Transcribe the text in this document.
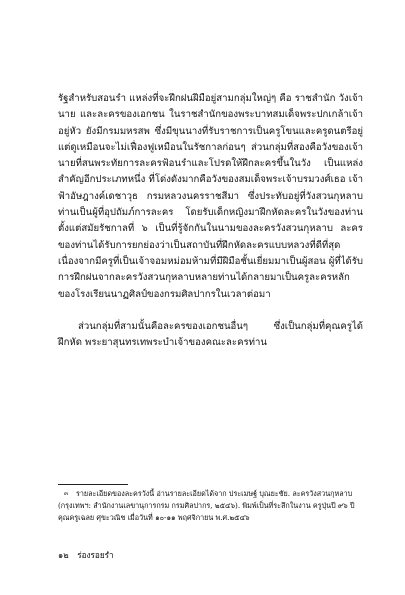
รัฐสำหรับสอนรำ แหล่งที่จะฝึกฝนฝีมือยู่สามกลุ่มใหญ่ๆ คือ ราชสำนัก วังเจ้านาย และละครของเอกชน ในราชสำนักของพระบาทสมเด็จพระปกเกล้าเจ้าอยู่หัว ยังมีกรมมหรสพ ซึ่งมีขุนนางที่รับราชการเป็นครูโขนและครูดนตรีอยู่ แต่ดูเหมือนจะไม่เฟื่องฟูเหมือนในรัชกาลก่อนๆ ส่วนกลุ่มที่สองคือวังของเจ้านายที่สนพระทัยการละครฟ้อนรำและโปรดให้ฝึกละครขึ้นในวัง เป็นแหล่งสำคัญอีกประเภทหนึ่ง ที่โด่งดังมากคือวังของสมเด็จพระเจ้าบรมวงศ์เธอ เจ้าฟ้าอัษฎางค์เดชาวุธ กรมหลวงนครราชสีมา ซึ่งประทับอยู่ที่วังสวนกุหลาบ ท่านเป็นผู้ที่อุปถัมภ์การละคร โดยรับเด็กหญิงมาฝึกหัดละครในวังของท่านตั้งแต่สมัยรัชกาลที่ ๖ เป็นที่รู้จักกันในนามของละครวังสวนกุหลาบ ละครของท่านได้รับการยกย่องว่าเป็นสถาบันที่ฝึกหัดละครแบบหลวงที่ดีที่สุดเนื่องจากมีครูที่เป็นเจ้าจอมหม่อมห้ามที่มีฝีมือชั้นเยี่ยมมาเป็นผู้สอน ผู้ที่ได้รับการฝึกฝนจากละครวังสวนกุหลาบหลายท่านได้กลายมาเป็นครูละครหลักของโรงเรียนนาฏศิลป์ของกรมศิลปากรในเวลาต่อมา

ส่วนกลุ่มที่สามนั้นคือละครของเอกชนอื่นๆ ซึ่งเป็นกลุ่มที่คุณครูได้ฝึกหัด พระยาสุนทรเทพระบำเจ้าของคณะละครท่าน

๓ รายละเอียดของละครวังนี้ อ่านรายละเอียดได้จาก ประเมษฐ์ บุณยะชัย. ละครวังสวนกุหลาบ (กรุงเทพฯ: สำนักงานเลขานุการกรม กรมศิลปากร, ๒๕๔๖). พิมพ์เป็นที่ระลึกในงาน ครูปุ่นปี ๙๖ ปี คุณครูเฉลย ศุขะวณิช เมื่อวันที่ ๑๐-๑๑ พฤศจิกายน พ.ศ.๒๕๔๖
๑๒ ร่องรอยรำ
